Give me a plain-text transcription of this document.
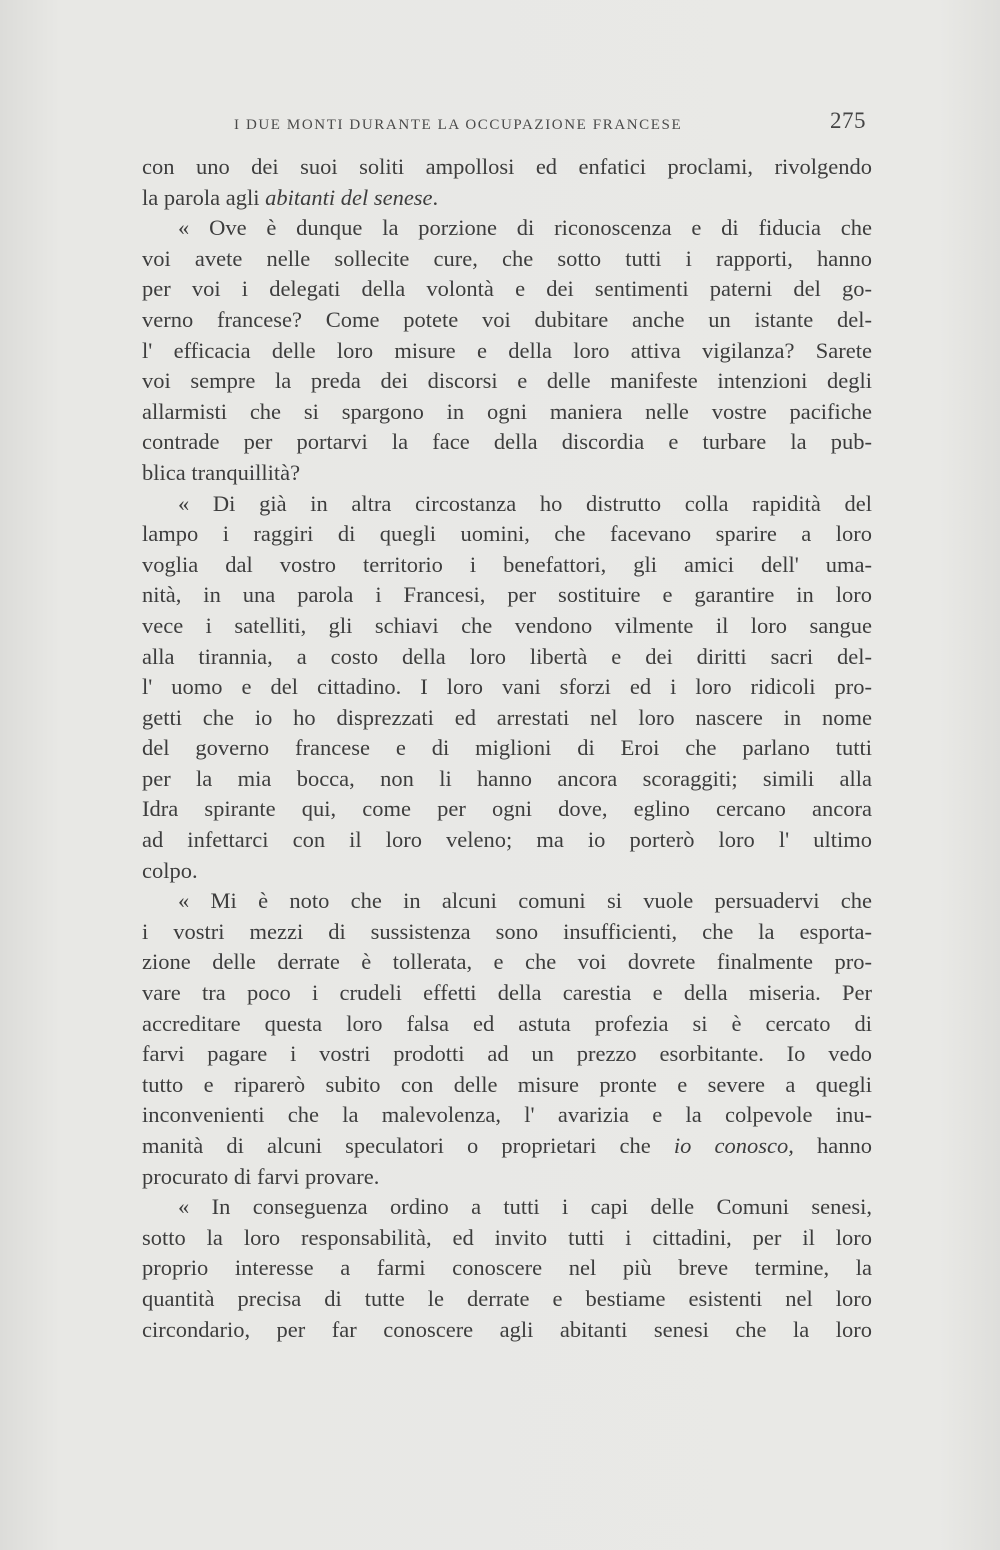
I DUE MONTI DURANTE LA OCCUPAZIONE FRANCESE	275
con uno dei suoi soliti ampollosi ed enfatici proclami, rivolgendo
la parola agli abitanti del senese.
« Ove è dunque la porzione di riconoscenza e di fiducia che
voi avete nelle sollecite cure, che sotto tutti i rapporti, hanno
per voi i delegati della volontà e dei sentimenti paterni del go-
verno francese? Come potete voi dubitare anche un istante del-
l' efficacia delle loro misure e della loro attiva vigilanza? Sarete
voi sempre la preda dei discorsi e delle manifeste intenzioni degli
allarmisti che si spargono in ogni maniera nelle vostre pacifiche
contrade per portarvi la face della discordia e turbare la pub-
blica tranquillità?
« Di già in altra circostanza ho distrutto colla rapidità del
lampo i raggiri di quegli uomini, che facevano sparire a loro
voglia dal vostro territorio i benefattori, gli amici dell' uma-
nità, in una parola i Francesi, per sostituire e garantire in loro
vece i satelliti, gli schiavi che vendono vilmente il loro sangue
alla tirannia, a costo della loro libertà e dei diritti sacri del-
l' uomo e del cittadino. I loro vani sforzi ed i loro ridicoli pro-
getti che io ho disprezzati ed arrestati nel loro nascere in nome
del governo francese e di miglioni di Eroi che parlano tutti
per la mia bocca, non li hanno ancora scoraggiti; simili alla
Idra spirante qui, come per ogni dove, eglino cercano ancora
ad infettarci con il loro veleno; ma io porterò loro l' ultimo
colpo.
« Mi è noto che in alcuni comuni si vuole persuadervi che
i vostri mezzi di sussistenza sono insufficienti, che la esporta-
zione delle derrate è tollerata, e che voi dovrete finalmente pro-
vare tra poco i crudeli effetti della carestia e della miseria. Per
accreditare questa loro falsa ed astuta profezia si è cercato di
farvi pagare i vostri prodotti ad un prezzo esorbitante. Io vedo
tutto e riparerò subito con delle misure pronte e severe a quegli
inconvenienti che la malevolenza, l' avarizia e la colpevole inu-
manità di alcuni speculatori o proprietari che io conosco, hanno
procurato di farvi provare.
« In conseguenza ordino a tutti i capi delle Comuni senesi,
sotto la loro responsabilità, ed invito tutti i cittadini, per il loro
proprio interesse a farmi conoscere nel più breve termine, la
quantità precisa di tutte le derrate e bestiame esistenti nel loro
circondario, per far conoscere agli abitanti senesi che la loro
